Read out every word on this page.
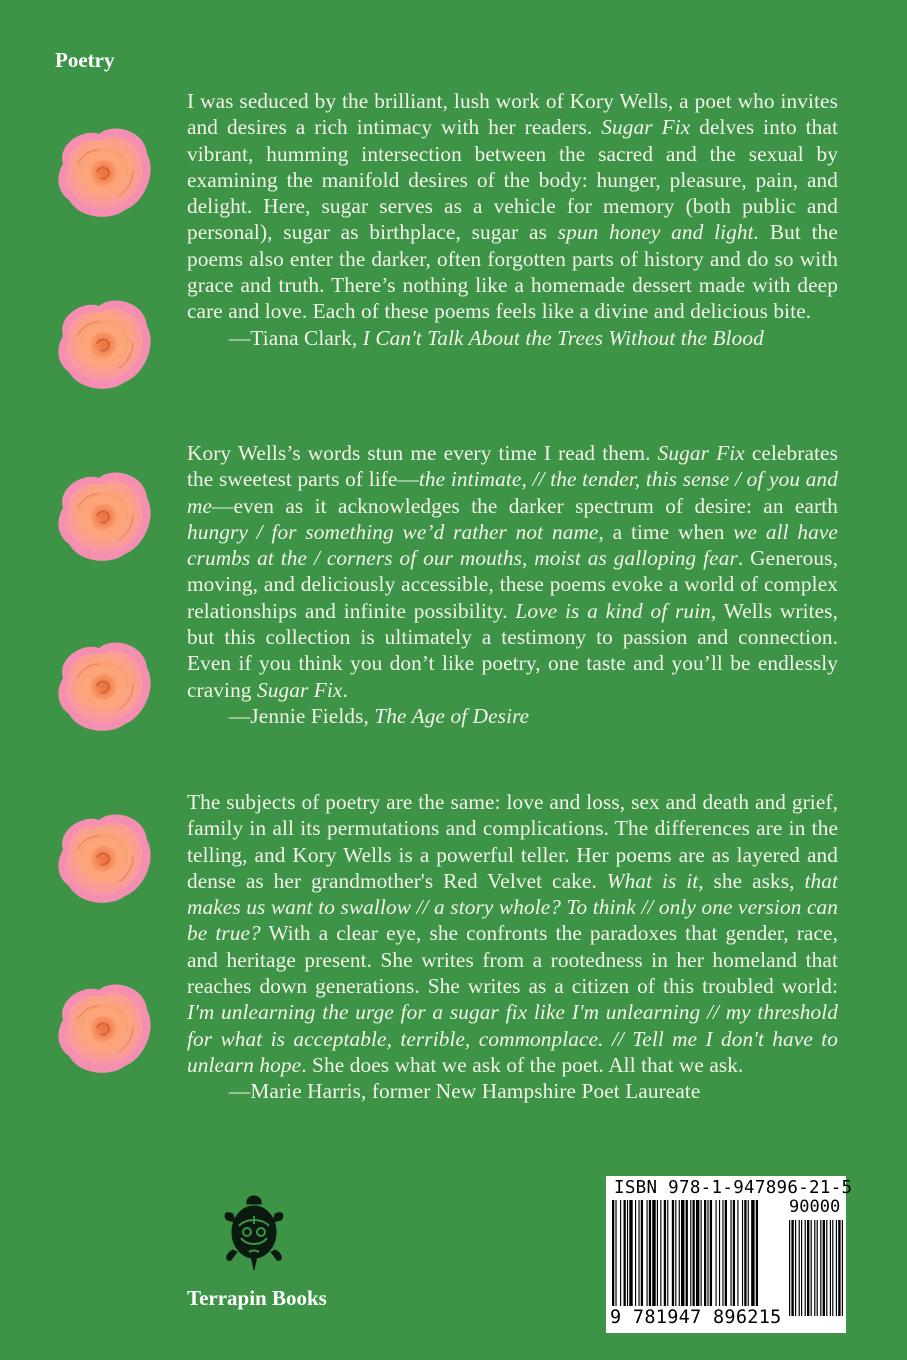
Poetry

I was seduced by the brilliant, lush work of Kory Wells, a poet who invites and desires a rich intimacy with her readers. Sugar Fix delves into that vibrant, humming intersection between the sacred and the sexual by examining the manifold desires of the body: hunger, pleasure, pain, and delight. Here, sugar serves as a vehicle for memory (both public and personal), sugar as birthplace, sugar as spun honey and light. But the poems also enter the darker, often forgotten parts of history and do so with grace and truth. There’s nothing like a homemade dessert made with deep care and love. Each of these poems feels like a divine and delicious bite.

—Tiana Clark, I Can't Talk About the Trees Without the Blood

Kory Wells’s words stun me every time I read them. Sugar Fix celebrates the sweetest parts of life—the intimate, // the tender, this sense / of you and me—even as it acknowledges the darker spectrum of desire: an earth hungry / for something we’d rather not name, a time when we all have crumbs at the / corners of our mouths, moist as galloping fear. Generous, moving, and deliciously accessible, these poems evoke a world of complex relationships and infinite possibility. Love is a kind of ruin, Wells writes, but this collection is ultimately a testimony to passion and connection. Even if you think you don’t like poetry, one taste and you’ll be endlessly craving Sugar Fix.

—Jennie Fields, The Age of Desire

The subjects of poetry are the same: love and loss, sex and death and grief, family in all its permutations and complications. The differences are in the telling, and Kory Wells is a powerful teller. Her poems are as layered and dense as her grandmother's Red Velvet cake. What is it, she asks, that makes us want to swallow // a story whole? To think // only one version can be true? With a clear eye, she confronts the paradoxes that gender, race, and heritage present. She writes from a rootedness in her homeland that reaches down generations. She writes as a citizen of this troubled world: I'm unlearning the urge for a sugar fix like I'm unlearning // my threshold for what is acceptable, terrible, commonplace. // Tell me I don't have to unlearn hope. She does what we ask of the poet. All that we ask.

—Marie Harris, former New Hampshire Poet Laureate
Terrapin Books
ISBN 978-1-947896-21-5
90000
9 781947 896215
